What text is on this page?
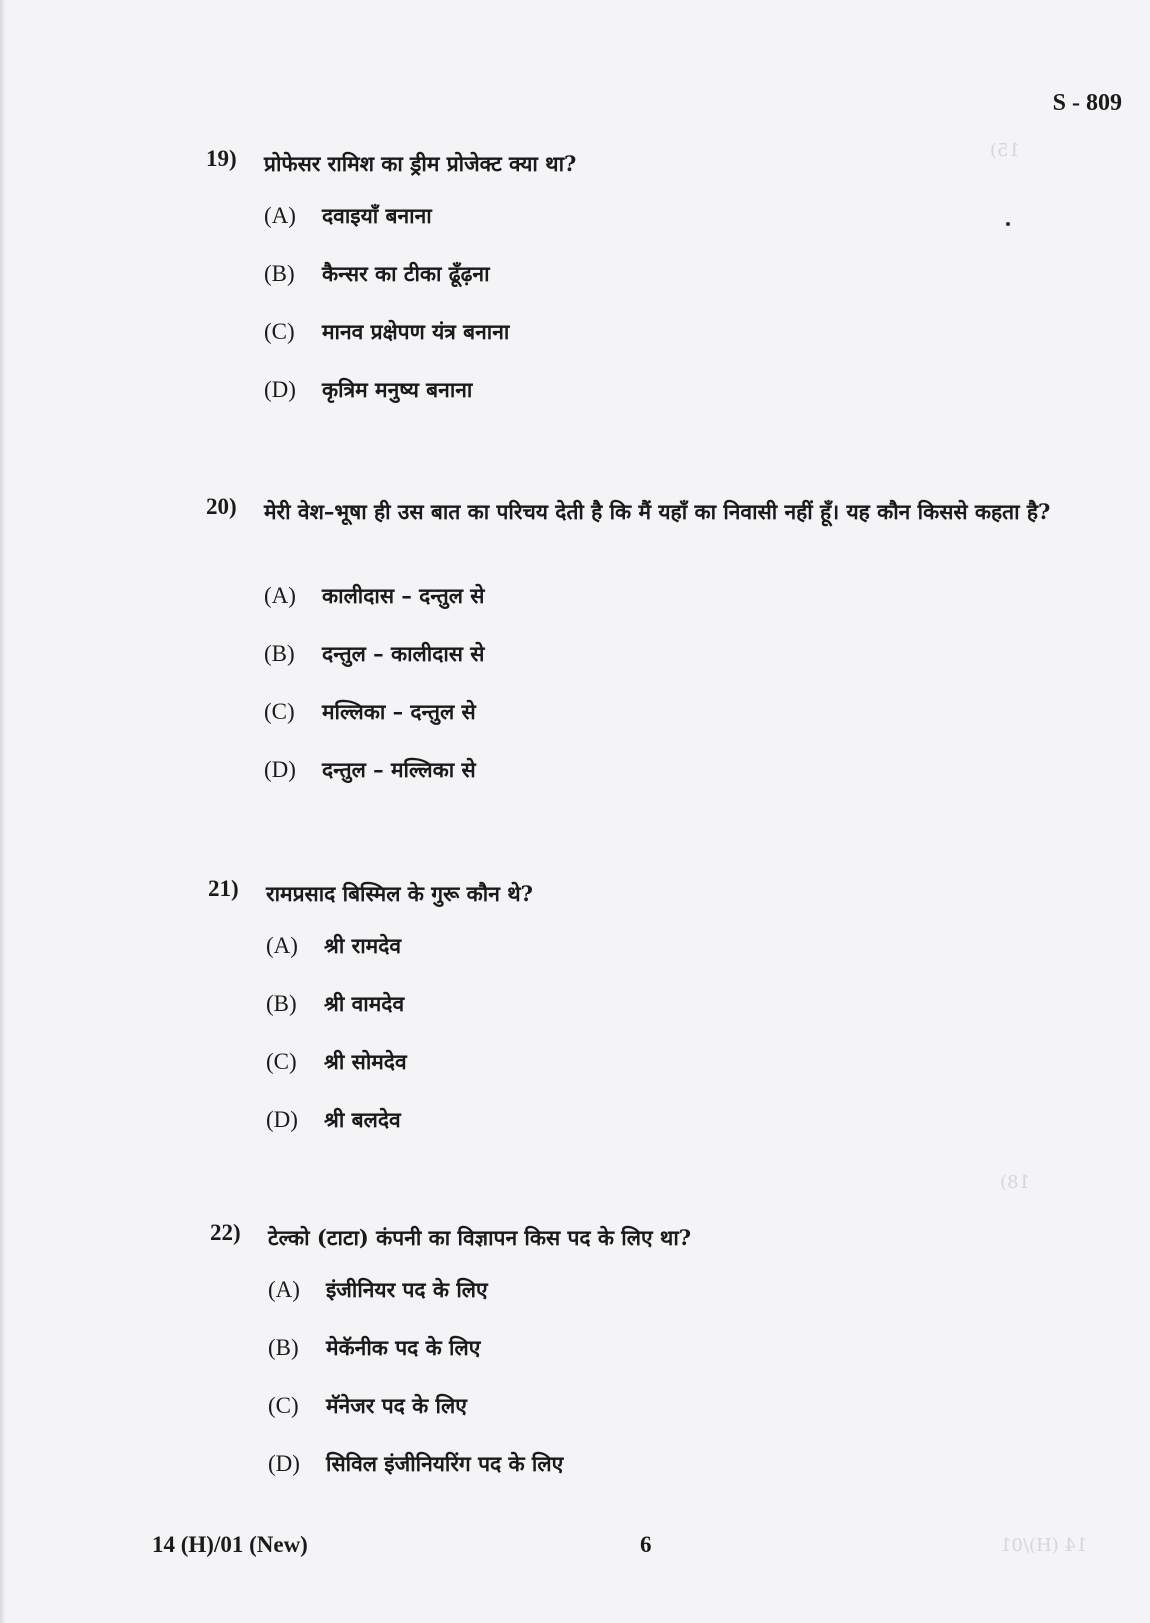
15)
18)
14 (H)/01
S - 809
19) प्रोफेसर रामिश का ड्रीम प्रोजेक्ट क्या था?
(A) दवाइयाँ बनाना
(B) कैन्सर का टीका ढूँढ़ना
(C) मानव प्रक्षेपण यंत्र बनाना
(D) कृत्रिम मनुष्य बनाना
20) मेरी वेश–भूषा ही उस बात का परिचय देती है कि मैं यहाँ का निवासी नहीं हूँ। यह कौन किससे कहता है?
(A) कालीदास – दन्तुल से
(B) दन्तुल – कालीदास से
(C) मल्लिका – दन्तुल से
(D) दन्तुल – मल्लिका से
21) रामप्रसाद बिस्मिल के गुरू कौन थे?
(A) श्री रामदेव
(B) श्री वामदेव
(C) श्री सोमदेव
(D) श्री बलदेव
22) टेल्को (टाटा) कंपनी का विज्ञापन किस पद के लिए था?
(A) इंजीनियर पद के लिए
(B) मेकॅनीक पद के लिए
(C) मॅनेजर पद के लिए
(D) सिविल इंजीनियरिंग पद के लिए
14 (H)/01 (New)	6
